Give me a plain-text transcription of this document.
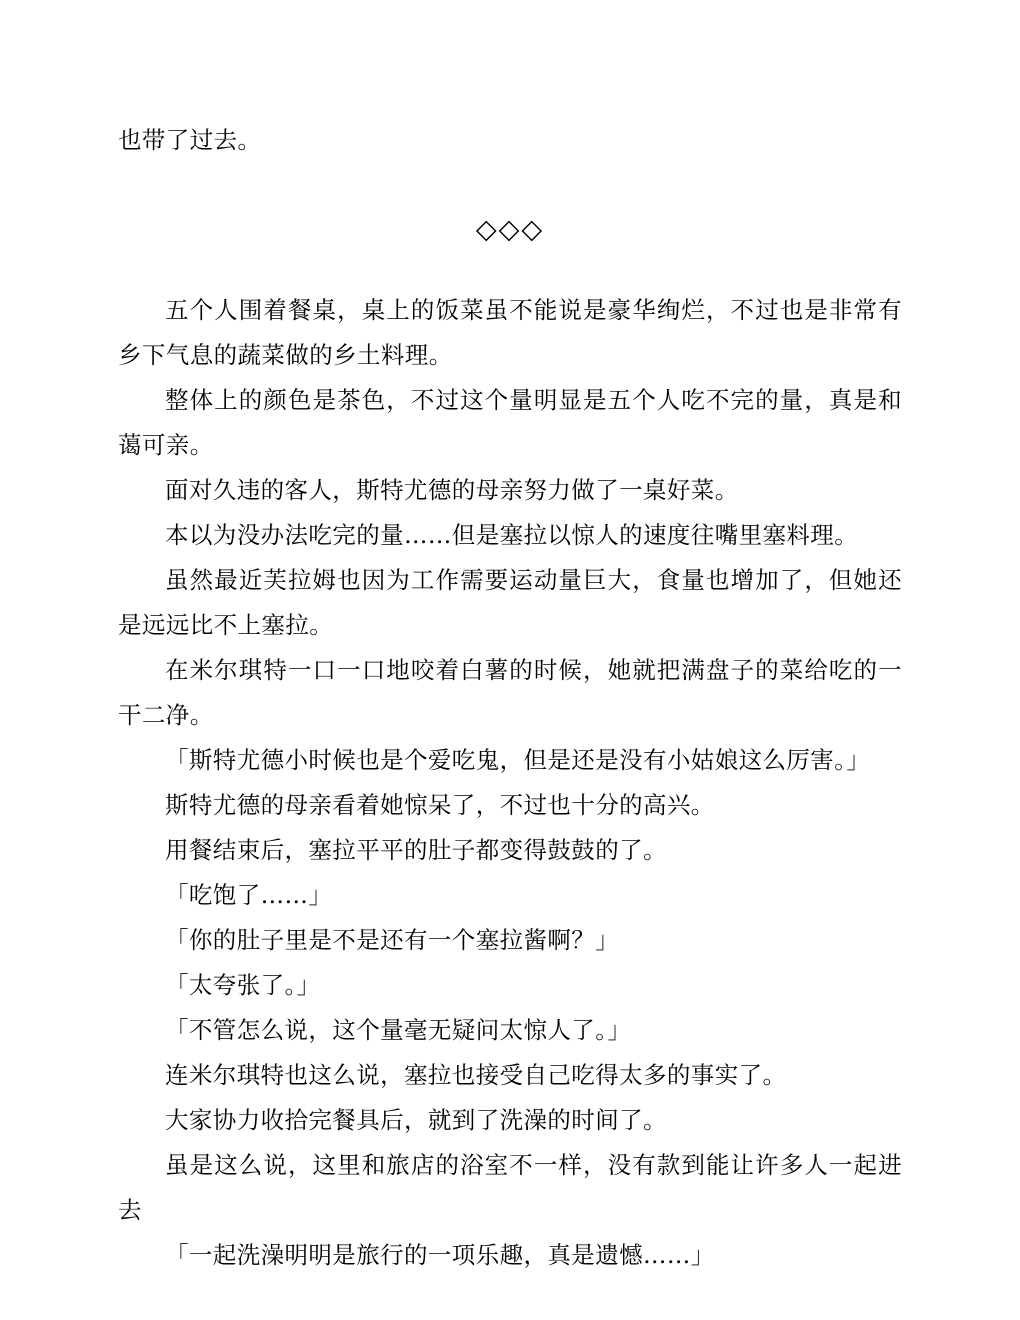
也带了过去。

◇◇◇

五个人围着餐桌，桌上的饭菜虽不能说是豪华绚烂，不过也是非常有乡下气息的蔬菜做的乡土料理。

整体上的颜色是茶色，不过这个量明显是五个人吃不完的量，真是和蔼可亲。

面对久违的客人，斯特尤德的母亲努力做了一桌好菜。

本以为没办法吃完的量……但是塞拉以惊人的速度往嘴里塞料理。

虽然最近芙拉姆也因为工作需要运动量巨大，食量也增加了，但她还是远远比不上塞拉。

在米尔琪特一口一口地咬着白薯的时候，她就把满盘子的菜给吃的一干二净。

「斯特尤德小时候也是个爱吃鬼，但是还是没有小姑娘这么厉害。」

斯特尤德的母亲看着她惊呆了，不过也十分的高兴。

用餐结束后，塞拉平平的肚子都变得鼓鼓的了。

「吃饱了……」

「你的肚子里是不是还有一个塞拉酱啊？」

「太夸张了。」

「不管怎么说，这个量毫无疑问太惊人了。」

连米尔琪特也这么说，塞拉也接受自己吃得太多的事实了。

大家协力收拾完餐具后，就到了洗澡的时间了。

虽是这么说，这里和旅店的浴室不一样，没有款到能让许多人一起进去

「一起洗澡明明是旅行的一项乐趣，真是遗憾……」
